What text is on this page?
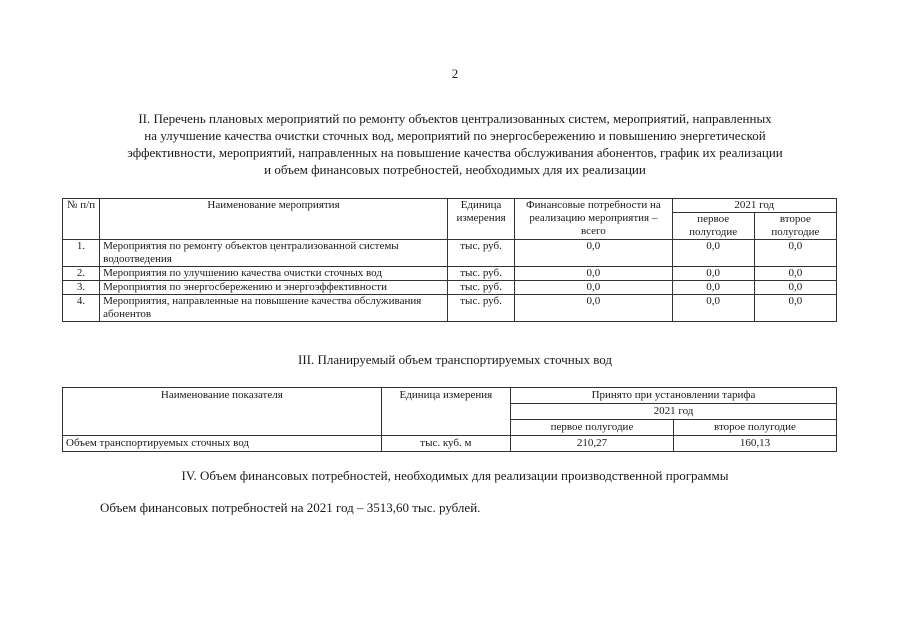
2
II. Перечень плановых мероприятий по ремонту объектов централизованных систем, мероприятий, направленных
на улучшение качества очистки сточных вод, мероприятий по энергосбережению и повышению энергетической
эффективности, мероприятий, направленных на повышение качества обслуживания абонентов, график их реализации
и объем финансовых потребностей, необходимых для их реализации
№ п/п	Наименование мероприятия	Единица измерения	Финансовые потребности на реализацию мероприятия – всего	2021 год	
				первое полугодие	второе полугодие
1.	Мероприятия по ремонту объектов централизованной системы водоотведения	тыс. руб.	0,0	0,0	0,0
2.	Мероприятия по улучшению качества очистки сточных вод	тыс. руб.	0,0	0,0	0,0
3.	Мероприятия по энергосбережению и энергоэффективности	тыс. руб.	0,0	0,0	0,0
4.	Мероприятия, направленные на повышение качества обслуживания абонентов	тыс. руб.	0,0	0,0	0,0
III. Планируемый объем транспортируемых сточных вод
Наименование показателя	Единица измерения	Принято при установлении тарифа	
		2021 год	
		первое полугодие	второе полугодие
Объем транспортируемых сточных вод	тыс. куб. м	210,27	160,13
IV. Объем финансовых потребностей, необходимых для реализации производственной программы
Объем финансовых потребностей на 2021 год – 3513,60 тыс. рублей.
